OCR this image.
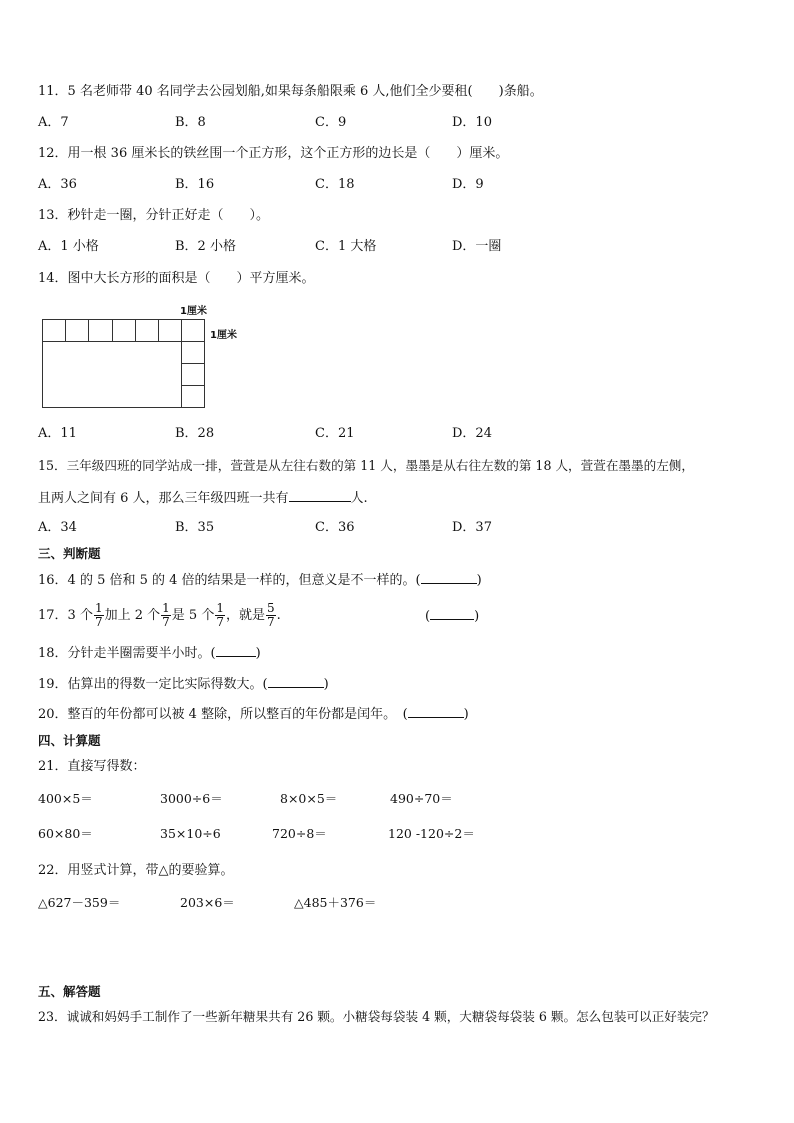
11．5 名老师带 40 名同学去公园划船,如果每条船限乘 6 人,他们全少要租(　　)条船。
A．7	B．8	C．9	D．10
12．用一根 36 厘米长的铁丝围一个正方形，这个正方形的边长是（　　）厘米。
A．36	B．16	C．18	D．9
13．秒针走一圈，分针正好走（　　）。
A．1 小格	B．2 小格	C．1 大格	D．一圈
14．图中大长方形的面积是（　　）平方厘米。
1厘米
1厘米
A．11	B．28	C．21	D．24
15．三年级四班的同学站成一排，萱萱是从左往右数的第 11 人，墨墨是从右往左数的第 18 人，萱萱在墨墨的左侧，
且两人之间有 6 人，那么三年级四班一共有	人.
A．34	B．35	C．36	D．37
三、判断题
16．4 的 5 倍和 5 的 4 倍的结果是一样的，但意义是不一样的。(	)
17．3 个 $\frac{1}{7}$ 加上 2 个 $\frac{1}{7}$ 是 5 个 $\frac{1}{7}$ ，就是 $\frac{5}{7}$ .	(	)
18．分针走半圈需要半小时。(	)
19．估算出的得数一定比实际得数大。(	)
20．整百的年份都可以被 4 整除，所以整百的年份都是闰年。　(	)
四、计算题
21．直接写得数：
400×5＝	3000÷6＝	8×0×5＝	490÷70＝
60×80＝	35×10÷6	720÷8＝	120 -120÷2＝
22．用竖式计算，带△的要验算。
△627－359＝	203×6＝	△485＋376＝
五、解答题
23．诚诚和妈妈手工制作了一些新年糖果共有 26 颗。小糖袋每袋装 4 颗，大糖袋每袋装 6 颗。怎么包装可以正好装完？
